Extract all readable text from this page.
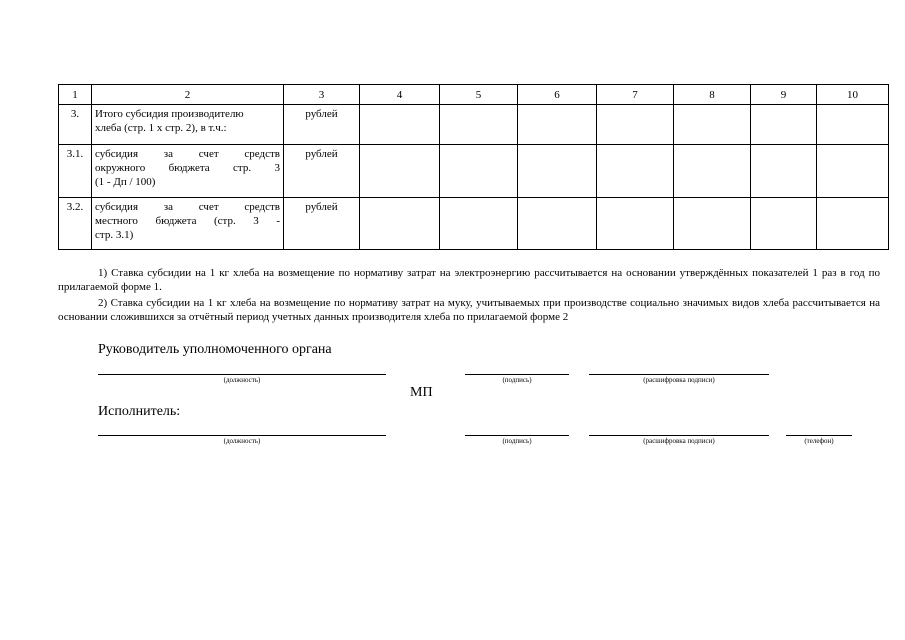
1	2	3	4	5	6	7	8	9	10
3.	Итого субсидия производителю
хлеба (стр. 1 х стр. 2), в т.ч.:	рублей							
3.1.	субсидия за счет средств
окружного бюджета стр. 3
(1 - Дп / 100)	рублей							
3.2.	субсидия за счет средств
местного бюджета (стр. 3 -
стр. 3.1)	рублей							

1) Ставка субсидии на 1 кг хлеба на возмещение по нормативу затрат на электроэнергию рассчитывается на основании утверждённых показателей 1 раз в год по прилагаемой форме 1.

2) Ставка субсидии на 1 кг хлеба на возмещение по нормативу затрат на муку, учитываемых при производстве социально значимых видов хлеба рассчитывается на основании сложившихся за отчётный период учетных данных производителя хлеба по прилагаемой форме 2

Руководитель уполномоченного органа
(должность)	(подпись)	(расшифровка подписи)
МП
Исполнитель:
(должность)	(подпись)	(расшифровка подписи)	(телефон)
